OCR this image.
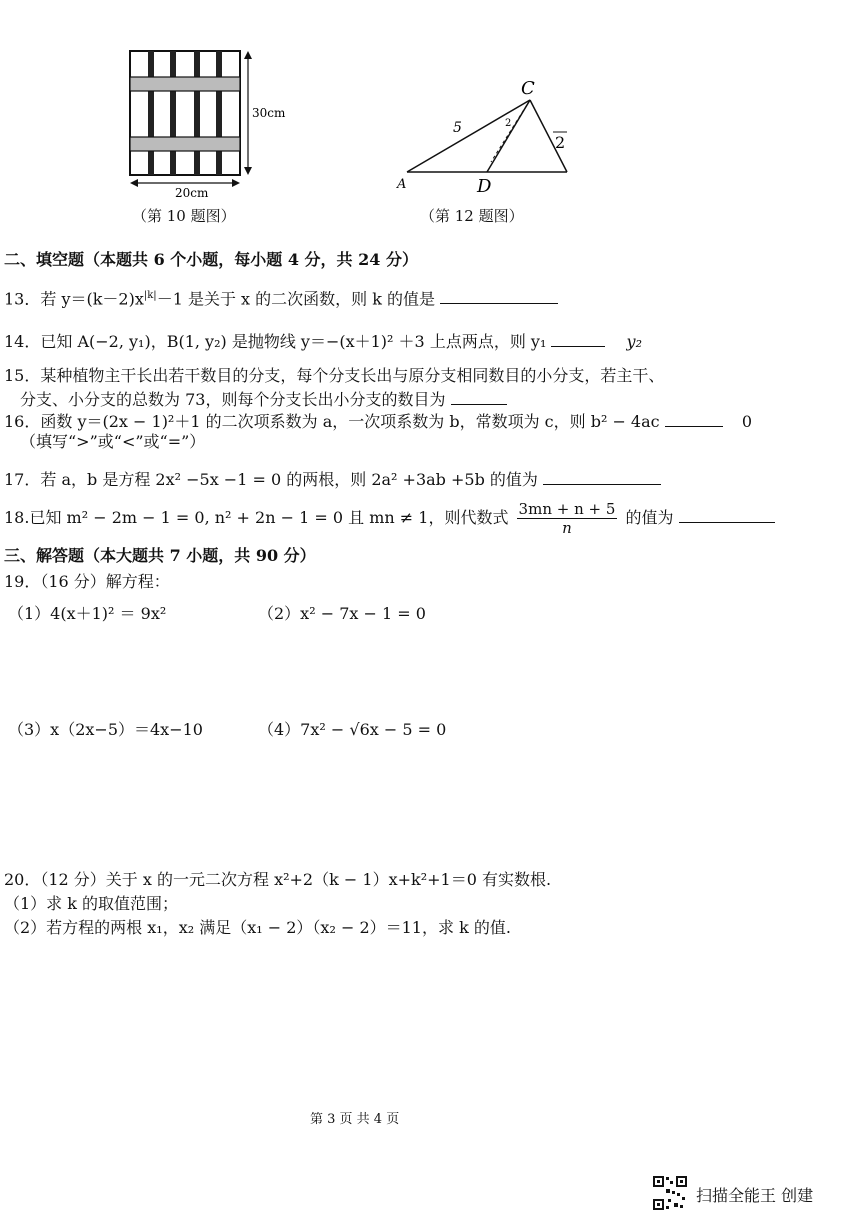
30cm
20cm
（第 10 题图）
C
D
A
2
5	2
（第 12 题图）
二、填空题（本题共 6 个小题，每小题 4 分，共 24 分）
13．若 $y=(k-2)x^{|k|}-1$ 是关于 x 的二次函数，则 k 的值是
14．已知 A(−2, y₁)，B(1, y₂) 是抛物线 y＝−(x＋1)² ＋3 上点两点，则 y₁	y₂
15．某种植物主干长出若干数目的分支，每个分支长出与原分支相同数目的小分支，若主干、
分支、小分支的总数为 73，则每个分支长出小分支的数目为
16．函数 y＝(2x − 1)²＋1 的二次项系数为 a，一次项系数为 b，常数项为 c，则 b² − 4ac	0
（填写“>”或“<”或“=”）
17．若 a，b 是方程 2x² −5x −1 = 0 的两根，则 2a² +3ab +5b 的值为
18.已知 m² − 2m − 1 = 0, n² + 2n − 1 = 0 且 mn ≠ 1，则代数式 $\frac{3mn + n + 5}{n}$ 的值为
三、解答题（本大题共 7 小题，共 90 分）
19．（16 分）解方程：
（1）4(x＋1)² ＝ 9x²	（2）x² − 7x − 1 = 0
（3）x（2x−5）＝4x−10	（4）7x² − √6x − 5 = 0
20．（12 分）关于 x 的一元二次方程 x²+2（k − 1）x+k²+1＝0 有实数根.
（1）求 k 的取值范围；
（2）若方程的两根 x₁，x₂ 满足（x₁ − 2）（x₂ − 2）＝11，求 k 的值.
第 3 页 共 4 页
扫描全能王 创建
